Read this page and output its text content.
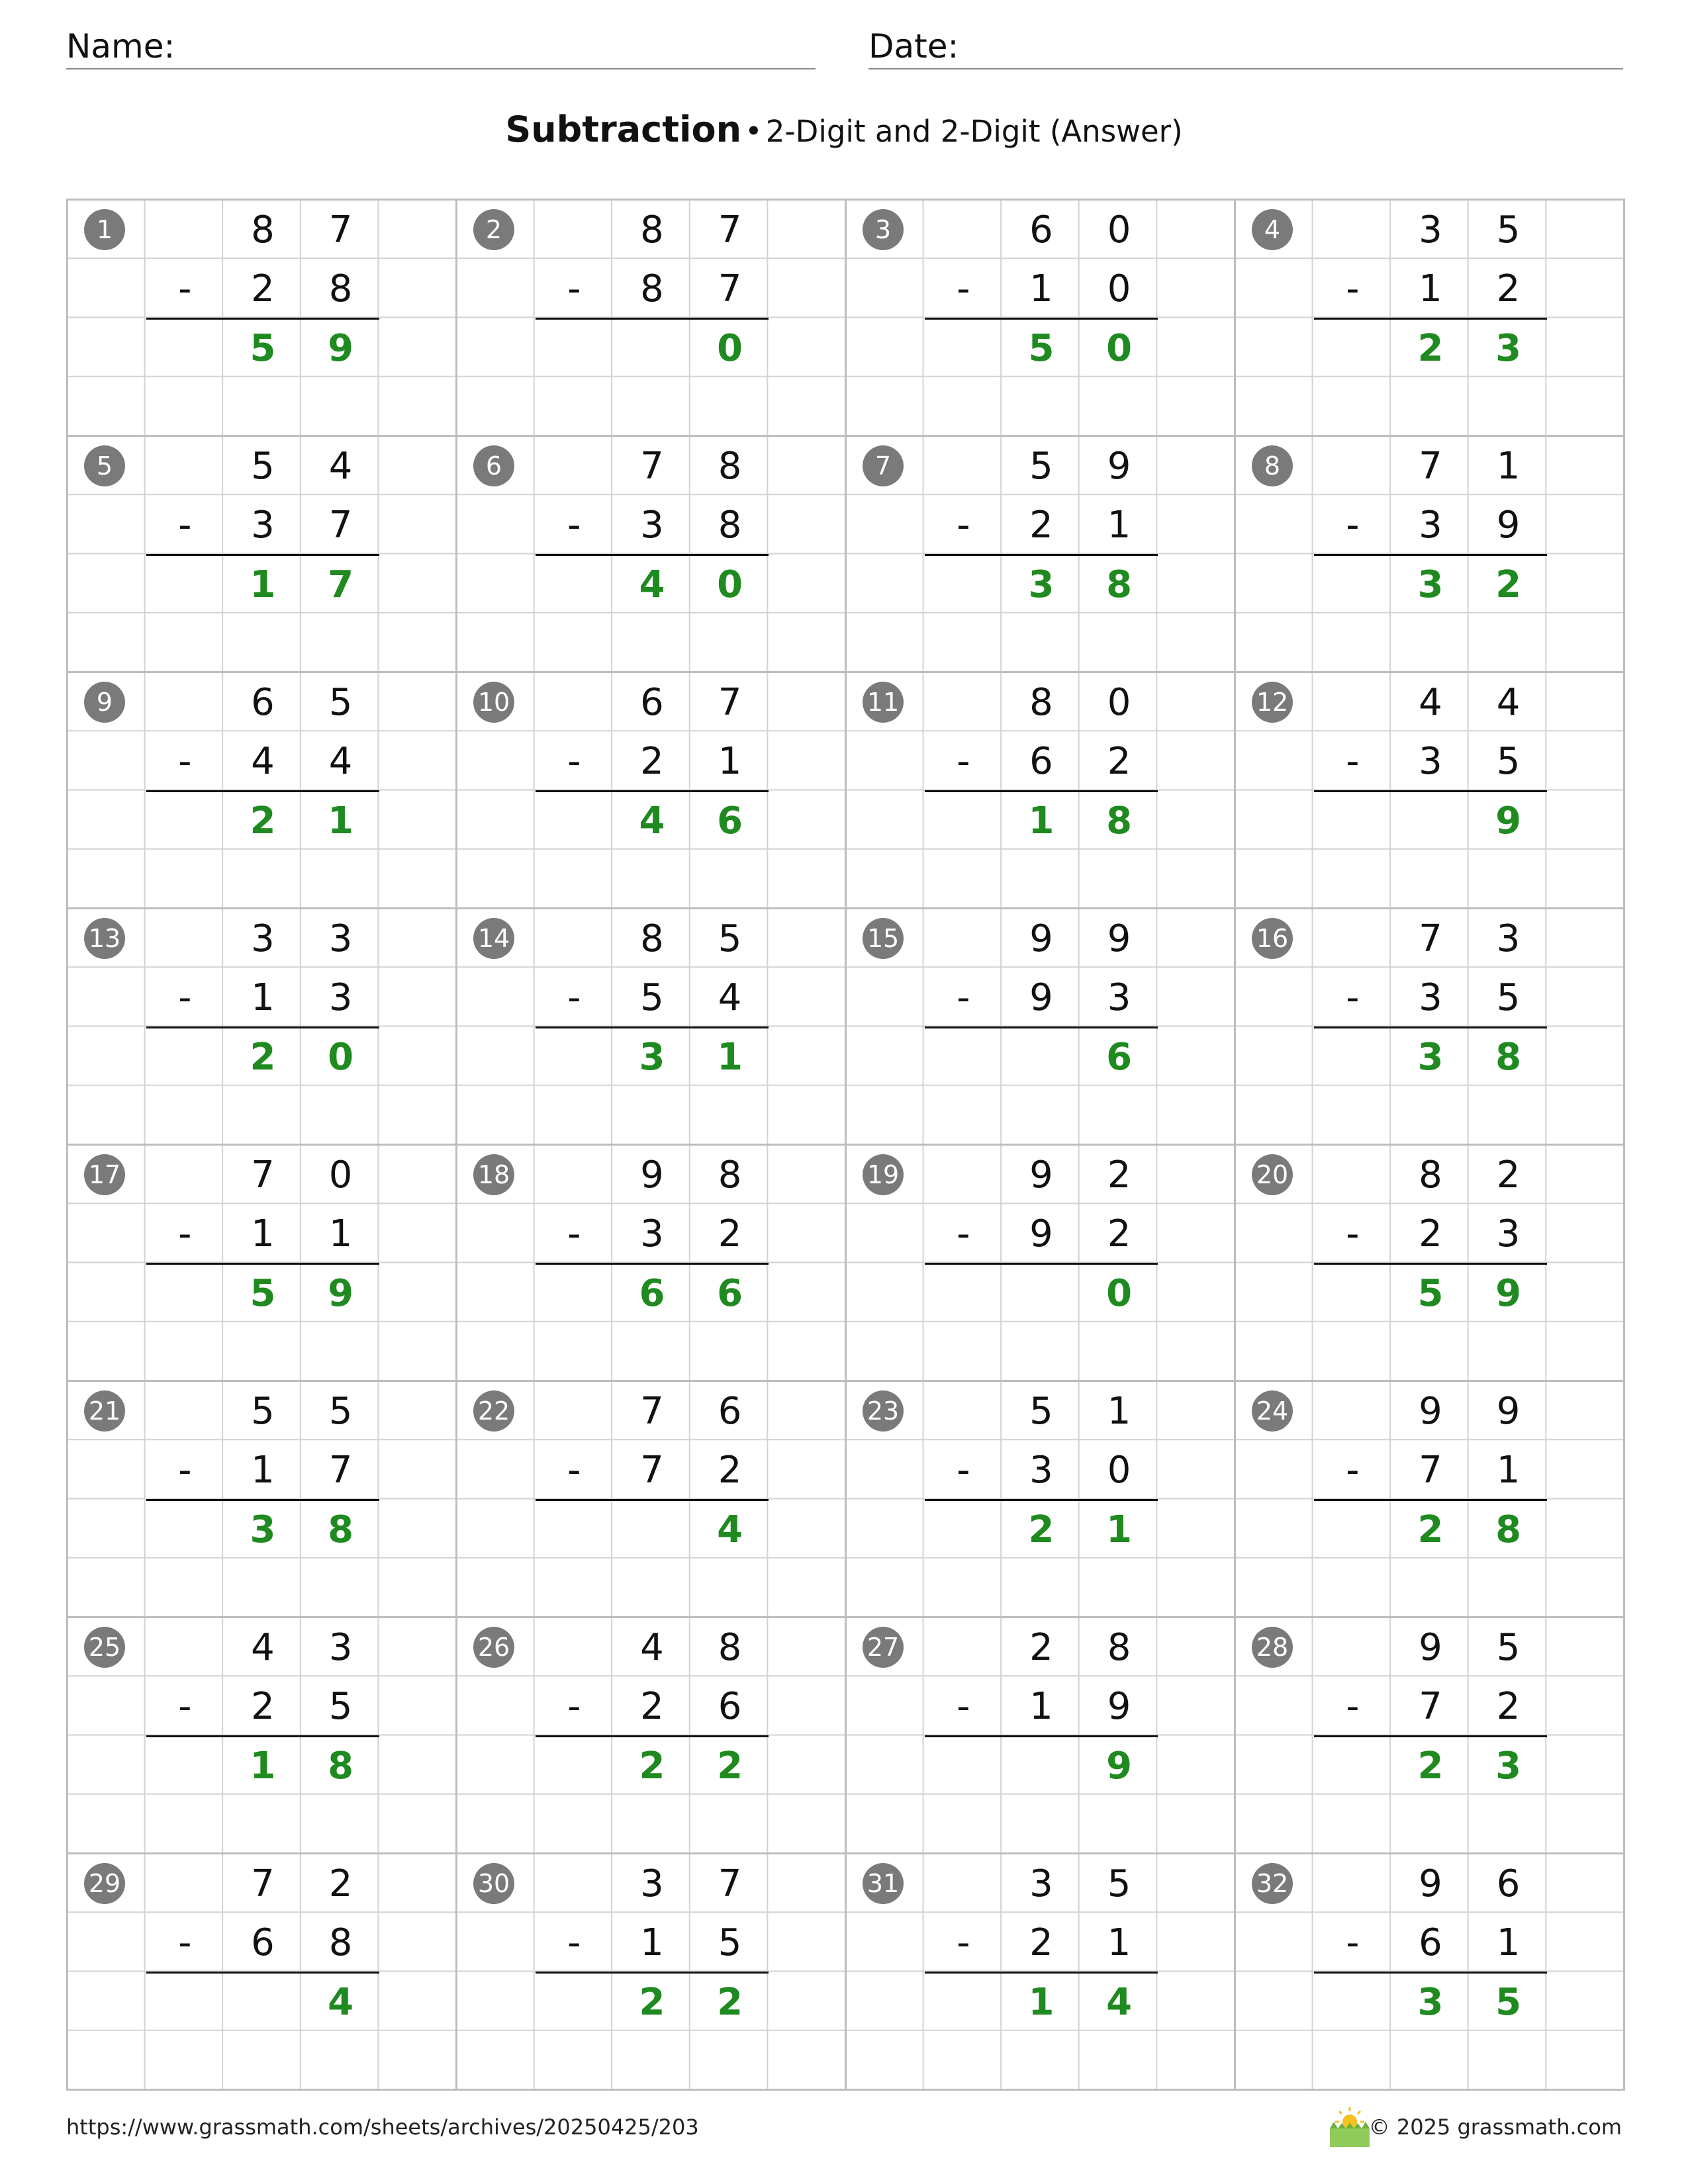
Name:	Date:
Subtraction • 2-Digit and 2-Digit (Answer)
1	8	7
-	2	8
5	9
2	8	7
-	8	7
0
3	6	0
-	1	0
5	0
4	3	5
-	1	2
2	3
5	5	4
-	3	7
1	7
6	7	8
-	3	8
4	0
7	5	9
-	2	1
3	8
8	7	1
-	3	9
3	2
9	6	5
-	4	4
2	1
10	6	7
-	2	1
4	6
11	8	0
-	6	2
1	8
12	4	4
-	3	5
9
13	3	3
-	1	3
2	0
14	8	5
-	5	4
3	1
15	9	9
-	9	3
6
16	7	3
-	3	5
3	8
17	7	0
-	1	1
5	9
18	9	8
-	3	2
6	6
19	9	2
-	9	2
0
20	8	2
-	2	3
5	9
21	5	5
-	1	7
3	8
22	7	6
-	7	2
4
23	5	1
-	3	0
2	1
24	9	9
-	7	1
2	8
25	4	3
-	2	5
1	8
26	4	8
-	2	6
2	2
27	2	8
-	1	9
9
28	9	5
-	7	2
2	3
29	7	2
-	6	8
4
30	3	7
-	1	5
2	2
31	3	5
-	2	1
1	4
32	9	6
-	6	1
3	5
https://www.grassmath.com/sheets/archives/20250425/203	© 2025 grassmath.com
